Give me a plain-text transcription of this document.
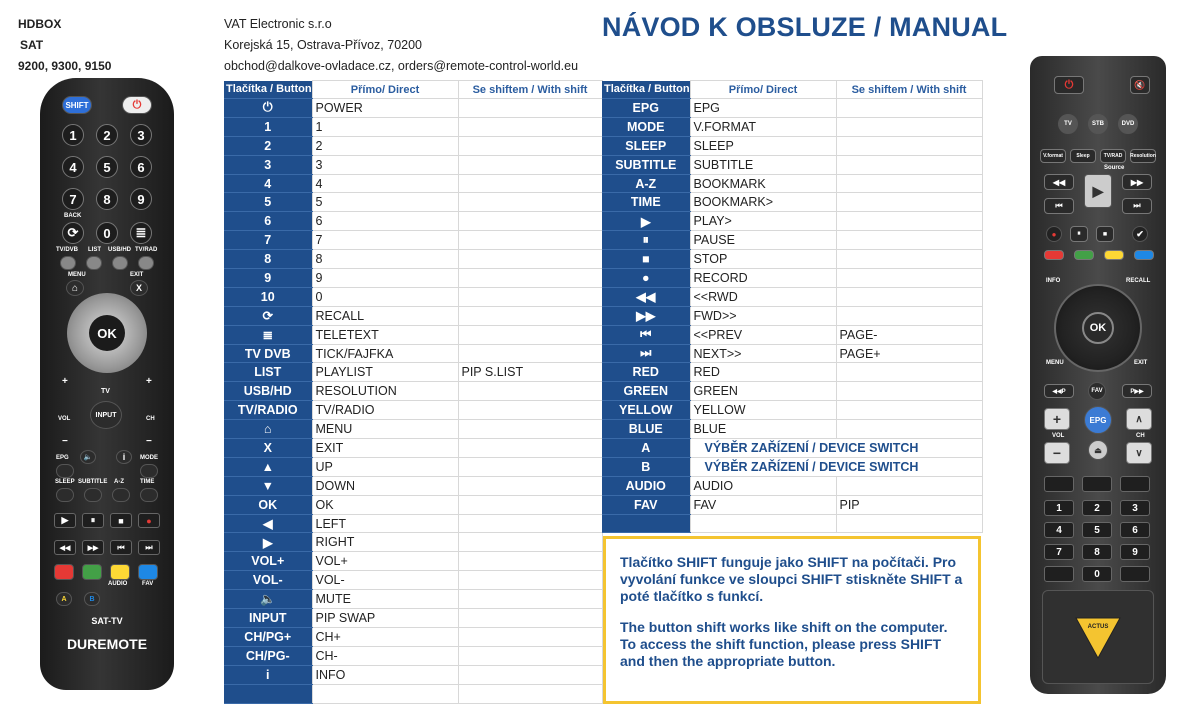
HDBOX
SAT
9200, 9300, 9150
VAT Electronic s.r.o
Korejská 15, Ostrava-Přívoz, 70200
obchod@dalkove-ovladace.cz, orders@remote-control-world.eu
NÁVOD K OBSLUZE / MANUAL
Tlačítka / Button	Přímo/ Direct	Se shiftem / With shift
⏻	POWER	
1	1	
2	2	
3	3	
4	4	
5	5	
6	6	
7	7	
8	8	
9	9	
10	0	
⟳	RECALL	
≣	TELETEXT	
TV DVB	TICK/FAJFKA	
LIST	PLAYLIST	PIP S.LIST
USB/HD	RESOLUTION	
TV/RADIO	TV/RADIO	
⌂	MENU	
X	EXIT	
▲	UP	
▼	DOWN	
OK	OK	
◀	LEFT	
▶	RIGHT	
VOL+	VOL+	
VOL-	VOL-	
🔈	MUTE	
INPUT	PIP SWAP	
CH/PG+	CH+	
CH/PG-	CH-	
i	INFO	

Tlačítka / Button	Přímo/ Direct	Se shiftem / With shift
EPG	EPG	
MODE	V.FORMAT	
SLEEP	SLEEP	
SUBTITLE	SUBTITLE	
A-Z	BOOKMARK	
TIME	BOOKMARK>	
▶	PLAY>	
⏸	PAUSE	
■	STOP	
●	RECORD	
◀◀	<<RWD	
▶▶	FWD>>	
⏮	<<PREV	PAGE-
⏭	NEXT>>	PAGE+
RED	RED	
GREEN	GREEN	
YELLOW	YELLOW	
BLUE	BLUE	
A	VÝBĚR ZAŘÍZENÍ / DEVICE SWITCH	
B	VÝBĚR ZAŘÍZENÍ / DEVICE SWITCH	
AUDIO	AUDIO	
FAV	FAV	PIP

Tlačítko SHIFT funguje jako SHIFT na počítači. Pro vyvolání funkce ve sloupci SHIFT stiskněte SHIFT a poté tlačítko s funkcí.

The button shift works like shift on the computer. To access the shift function, please press SHIFT and then the appropriate button.

SHIFT	⏻
1	2	3
4	5	6
7	8	9
BACK
⟳	0	≣
TV/DVB LIST USB/HD TV/RAD
MENU	EXIT
⌂	X
OK
+
TV
+
VOL
INPUT
CH
−	−
EPG	🔈	i	MODE
SLEEP SUBTITLE A-Z	TIME
▶	⏸	■	●
◀◀	▶▶	⏮	⏭
AUDIO FAV
A	B
SAT-TV
DUREMOTE
⏻	🔇
TV	STB	DVD
V.format	Sleep	TV/RAD	Resolution
Source
◀◀
▶
▶▶
⏮	⏭
●	⏸	■	✔
INFO	RECALL
OK
MENU	EXIT
◀◀P	FAV	P▶▶
+	EPG	∧
VOL	CH
−	⏏	∨
1	2	3
4	5	6
7	8	9
0
ACTUS
